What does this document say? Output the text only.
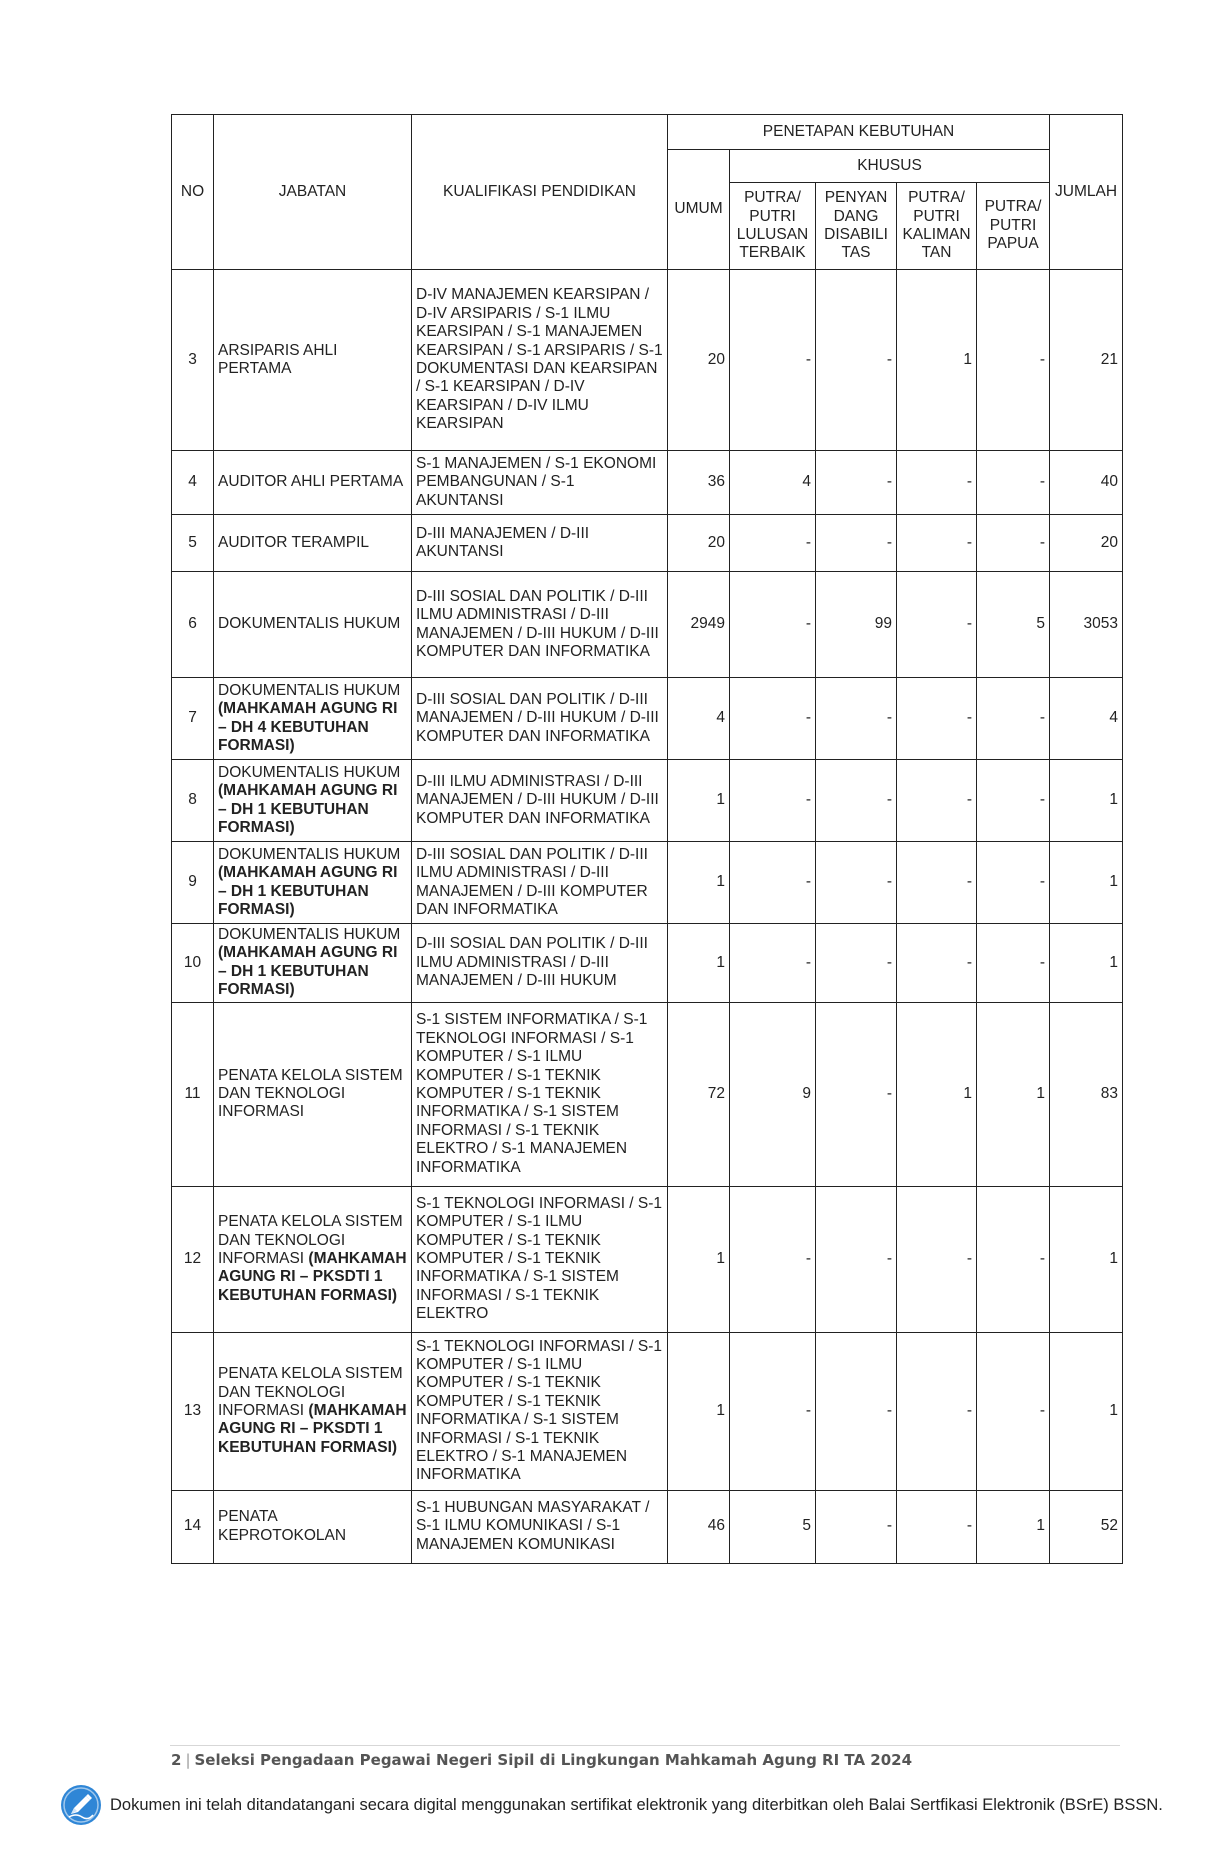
NO	JABATAN	KUALIFIKASI PENDIDIKAN	PENETAPAN KEBUTUHAN					JUMLAH
			UMUM	KHUSUS				
				PUTRA/ PUTRI LULUSAN TERBAIK	PENYAN DANG DISABILI TAS	PUTRA/ PUTRI KALIMAN TAN	PUTRA/ PUTRI PAPUA	
3	ARSIPARIS AHLI PERTAMA	D-IV MANAJEMEN KEARSIPAN / D-IV ARSIPARIS / S-1 ILMU KEARSIPAN / S-1 MANAJEMEN KEARSIPAN / S-1 ARSIPARIS / S-1 DOKUMENTASI DAN KEARSIPAN / S-1 KEARSIPAN / D-IV KEARSIPAN / D-IV ILMU KEARSIPAN	20	-	-	1	-	21
4	AUDITOR AHLI PERTAMA	S-1 MANAJEMEN / S-1 EKONOMI PEMBANGUNAN / S-1 AKUNTANSI	36	4	-	-	-	40
5	AUDITOR TERAMPIL	D-III MANAJEMEN / D-III AKUNTANSI	20	-	-	-	-	20
6	DOKUMENTALIS HUKUM	D-III SOSIAL DAN POLITIK / D-III ILMU ADMINISTRASI / D-III MANAJEMEN / D-III HUKUM / D-III KOMPUTER DAN INFORMATIKA	2949	-	99	-	5	3053
7	DOKUMENTALIS HUKUM (MAHKAMAH AGUNG RI – DH 4 KEBUTUHAN FORMASI)	D-III SOSIAL DAN POLITIK / D-III MANAJEMEN / D-III HUKUM / D-III KOMPUTER DAN INFORMATIKA	4	-	-	-	-	4
8	DOKUMENTALIS HUKUM (MAHKAMAH AGUNG RI – DH 1 KEBUTUHAN FORMASI)	D-III ILMU ADMINISTRASI / D-III MANAJEMEN / D-III HUKUM / D-III KOMPUTER DAN INFORMATIKA	1	-	-	-	-	1
9	DOKUMENTALIS HUKUM (MAHKAMAH AGUNG RI – DH 1 KEBUTUHAN FORMASI)	D-III SOSIAL DAN POLITIK / D-III ILMU ADMINISTRASI / D-III MANAJEMEN / D-III KOMPUTER DAN INFORMATIKA	1	-	-	-	-	1
10	DOKUMENTALIS HUKUM (MAHKAMAH AGUNG RI – DH 1 KEBUTUHAN FORMASI)	D-III SOSIAL DAN POLITIK / D-III ILMU ADMINISTRASI / D-III MANAJEMEN / D-III HUKUM	1	-	-	-	-	1
11	PENATA KELOLA SISTEM DAN TEKNOLOGI INFORMASI	S-1 SISTEM INFORMATIKA / S-1 TEKNOLOGI INFORMASI / S-1 KOMPUTER / S-1 ILMU KOMPUTER / S-1 TEKNIK KOMPUTER / S-1 TEKNIK INFORMATIKA / S-1 SISTEM INFORMASI / S-1 TEKNIK ELEKTRO / S-1 MANAJEMEN INFORMATIKA	72	9	-	1	1	83
12	PENATA KELOLA SISTEM DAN TEKNOLOGI INFORMASI (MAHKAMAH AGUNG RI – PKSDTI 1 KEBUTUHAN FORMASI)	S-1 TEKNOLOGI INFORMASI / S-1 KOMPUTER / S-1 ILMU KOMPUTER / S-1 TEKNIK KOMPUTER / S-1 TEKNIK INFORMATIKA / S-1 SISTEM INFORMASI / S-1 TEKNIK ELEKTRO	1	-	-	-	-	1
13	PENATA KELOLA SISTEM DAN TEKNOLOGI INFORMASI (MAHKAMAH AGUNG RI – PKSDTI 1 KEBUTUHAN FORMASI)	S-1 TEKNOLOGI INFORMASI / S-1 KOMPUTER / S-1 ILMU KOMPUTER / S-1 TEKNIK KOMPUTER / S-1 TEKNIK INFORMATIKA / S-1 SISTEM INFORMASI / S-1 TEKNIK ELEKTRO / S-1 MANAJEMEN INFORMATIKA	1	-	-	-	-	1
14	PENATA KEPROTOKOLAN	S-1 HUBUNGAN MASYARAKAT / S-1 ILMU KOMUNIKASI / S-1 MANAJEMEN KOMUNIKASI	46	5	-	-	1	52
2 | Seleksi Pengadaan Pegawai Negeri Sipil di Lingkungan Mahkamah Agung RI TA 2024
Dokumen ini telah ditandatangani secara digital menggunakan sertifikat elektronik yang diterbitkan oleh Balai Sertfikasi Elektronik (BSrE) BSSN.
